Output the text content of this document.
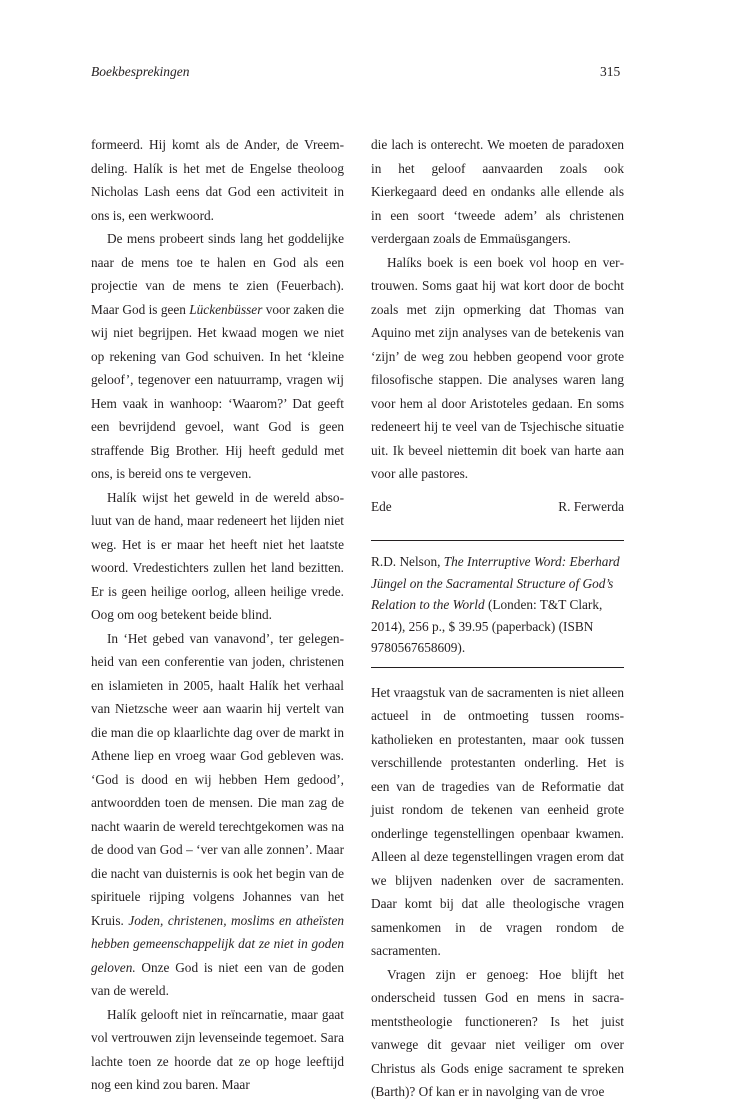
Boekbesprekingen	315

formeerd. Hij komt als de Ander, de Vreemdeling. Halík is het met de Engelse theoloog Nicholas Lash eens dat God een activiteit in ons is, een werkwoord.

De mens probeert sinds lang het goddelijke naar de mens toe te halen en God als een projectie van de mens te zien (Feuerbach). Maar God is geen Lückenbüsser voor zaken die wij niet begrijpen. Het kwaad mogen we niet op rekening van God schuiven. In het ‘kleine geloof’, tegenover een natuurramp, vragen wij Hem vaak in wanhoop: ‘Waarom?’ Dat geeft een bevrijdend gevoel, want God is geen straffende Big Brother. Hij heeft geduld met ons, is bereid ons te vergeven.

Halík wijst het geweld in de wereld absoluut van de hand, maar redeneert het lijden niet weg. Het is er maar het heeft niet het laatste woord. Vredestichters zullen het land bezitten. Er is geen heilige oorlog, alleen heilige vrede. Oog om oog betekent beide blind.

In ‘Het gebed van vanavond’, ter gelegenheid van een conferentie van joden, christenen en islamieten in 2005, haalt Halík het verhaal van Nietzsche weer aan waarin hij vertelt van die man die op klaarlichte dag over de markt in Athene liep en vroeg waar God gebleven was. ‘God is dood en wij hebben Hem gedood’, antwoordden toen de mensen. Die man zag de nacht waarin de wereld terechtgekomen was na de dood van God – ‘ver van alle zonnen’. Maar die nacht van duisternis is ook het begin van de spirituele rijping volgens Johannes van het Kruis. Joden, christenen, moslims en atheïsten hebben gemeenschappelijk dat ze niet in goden geloven. Onze God is niet een van de goden van de wereld.

Halík gelooft niet in reïncarnatie, maar gaat vol vertrouwen zijn levenseinde tegemoet. Sara lachte toen ze hoorde dat ze op hoge leeftijd nog een kind zou baren. Maar

die lach is onterecht. We moeten de paradoxen in het geloof aanvaarden zoals ook Kierkegaard deed en ondanks alle ellende als in een soort ‘tweede adem’ als christenen verdergaan zoals de Emmaüsgangers.

Halíks boek is een boek vol hoop en vertrouwen. Soms gaat hij wat kort door de bocht zoals met zijn opmerking dat Thomas van Aquino met zijn analyses van de betekenis van ‘zijn’ de weg zou hebben geopend voor grote filosofische stappen. Die analyses waren lang voor hem al door Aristoteles gedaan. En soms redeneert hij te veel van de Tsjechische situatie uit. Ik beveel niettemin dit boek van harte aan voor alle pastores.

Ede	R. Ferwerda

R.D. Nelson, The Interruptive Word: Eberhard Jüngel on the Sacramental Structure of God’s Relation to the World (Londen: T&T Clark, 2014), 256 p., $ 39.95 (paperback) (ISBN 9780567658609).

Het vraagstuk van de sacramenten is niet alleen actueel in de ontmoeting tussen rooms-katholieken en protestanten, maar ook tussen verschillende protestanten onderling. Het is een van de tragedies van de Reformatie dat juist rondom de tekenen van eenheid grote onderlinge tegenstellingen openbaar kwamen. Alleen al deze tegenstellingen vragen erom dat we blijven nadenken over de sacramenten. Daar komt bij dat alle theologische vragen samenkomen in de vragen rondom de sacramenten.

Vragen zijn er genoeg: Hoe blijft het onderscheid tussen God en mens in sacramentstheologie functioneren? Is het juist vanwege dit gevaar niet veiliger om over Christus als Gods enige sacrament te spreken (Barth)? Of kan er in navolging van de vroe
